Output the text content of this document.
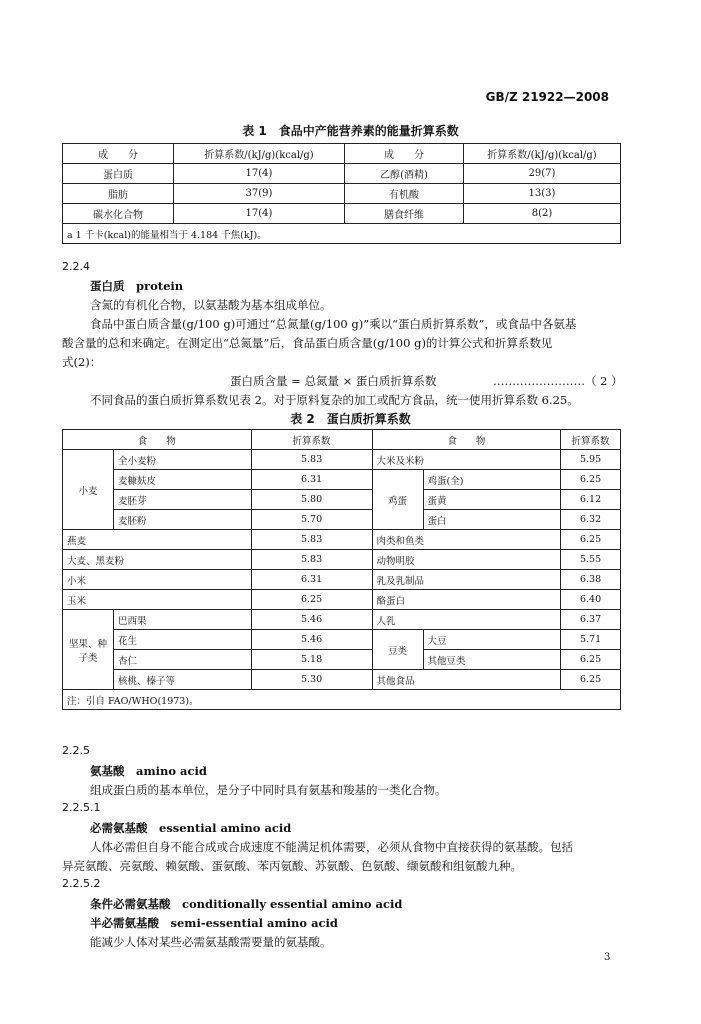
GB/Z 21922—2008
表 1　食品中产能营养素的能量折算系数
成　　分	折算系数/(kJ/g)(kcal/g)	成　　分	折算系数/(kJ/g)(kcal/g)
蛋白质	17(4)	乙醇(酒精)	29(7)
脂肪	37(9)	有机酸	13(3)
碳水化合物	17(4)	膳食纤维	8(2)
a 1 千卡(kcal)的能量相当于 4.184 千焦(kJ)。			
2.2.4
蛋白质　protein
含氮的有机化合物，以氨基酸为基本组成单位。
食品中蛋白质含量(g/100 g)可通过“总氮量(g/100 g)”乘以“蛋白质折算系数”，或食品中各氨基
酸含量的总和来确定。在测定出“总氮量”后，食品蛋白质含量(g/100 g)的计算公式和折算系数见
式(2)：
蛋白质含量 = 总氮量 × 蛋白质折算系数	……………………（ 2 ）
不同食品的蛋白质折算系数见表 2。对于原料复杂的加工或配方食品，统一使用折算系数 6.25。
表 2　蛋白质折算系数
食　　物		折算系数	食　　物		折算系数
小麦	全小麦粉	5.83	大米及米粉		5.95
	麦糠麸皮	6.31	鸡蛋	鸡蛋(全)	6.25
	麦胚芽	5.80		蛋黄	6.12
	麦胚粉	5.70		蛋白	6.32
燕麦		5.83	肉类和鱼类		6.25
大麦、黑麦粉		5.83	动物明胶		5.55
小米		6.31	乳及乳制品		6.38
玉米		6.25	酪蛋白		6.40
坚果、种子类	巴西果	5.46	人乳		6.37
	花生	5.46	豆类	大豆	5.71
	杏仁	5.18		其他豆类	6.25
	核桃、榛子等	5.30	其他食品		6.25
注：引自 FAO/WHO(1973)。					
2.2.5
氨基酸　amino acid
组成蛋白质的基本单位，是分子中同时具有氨基和羧基的一类化合物。
2.2.5.1
必需氨基酸　essential amino acid
人体必需但自身不能合成或合成速度不能满足机体需要，必须从食物中直接获得的氨基酸。包括
异亮氨酸、亮氨酸、赖氨酸、蛋氨酸、苯丙氨酸、苏氨酸、色氨酸、缬氨酸和组氨酸九种。
2.2.5.2
条件必需氨基酸　conditionally essential amino acid
半必需氨基酸　semi-essential amino acid
能减少人体对某些必需氨基酸需要量的氨基酸。
3
